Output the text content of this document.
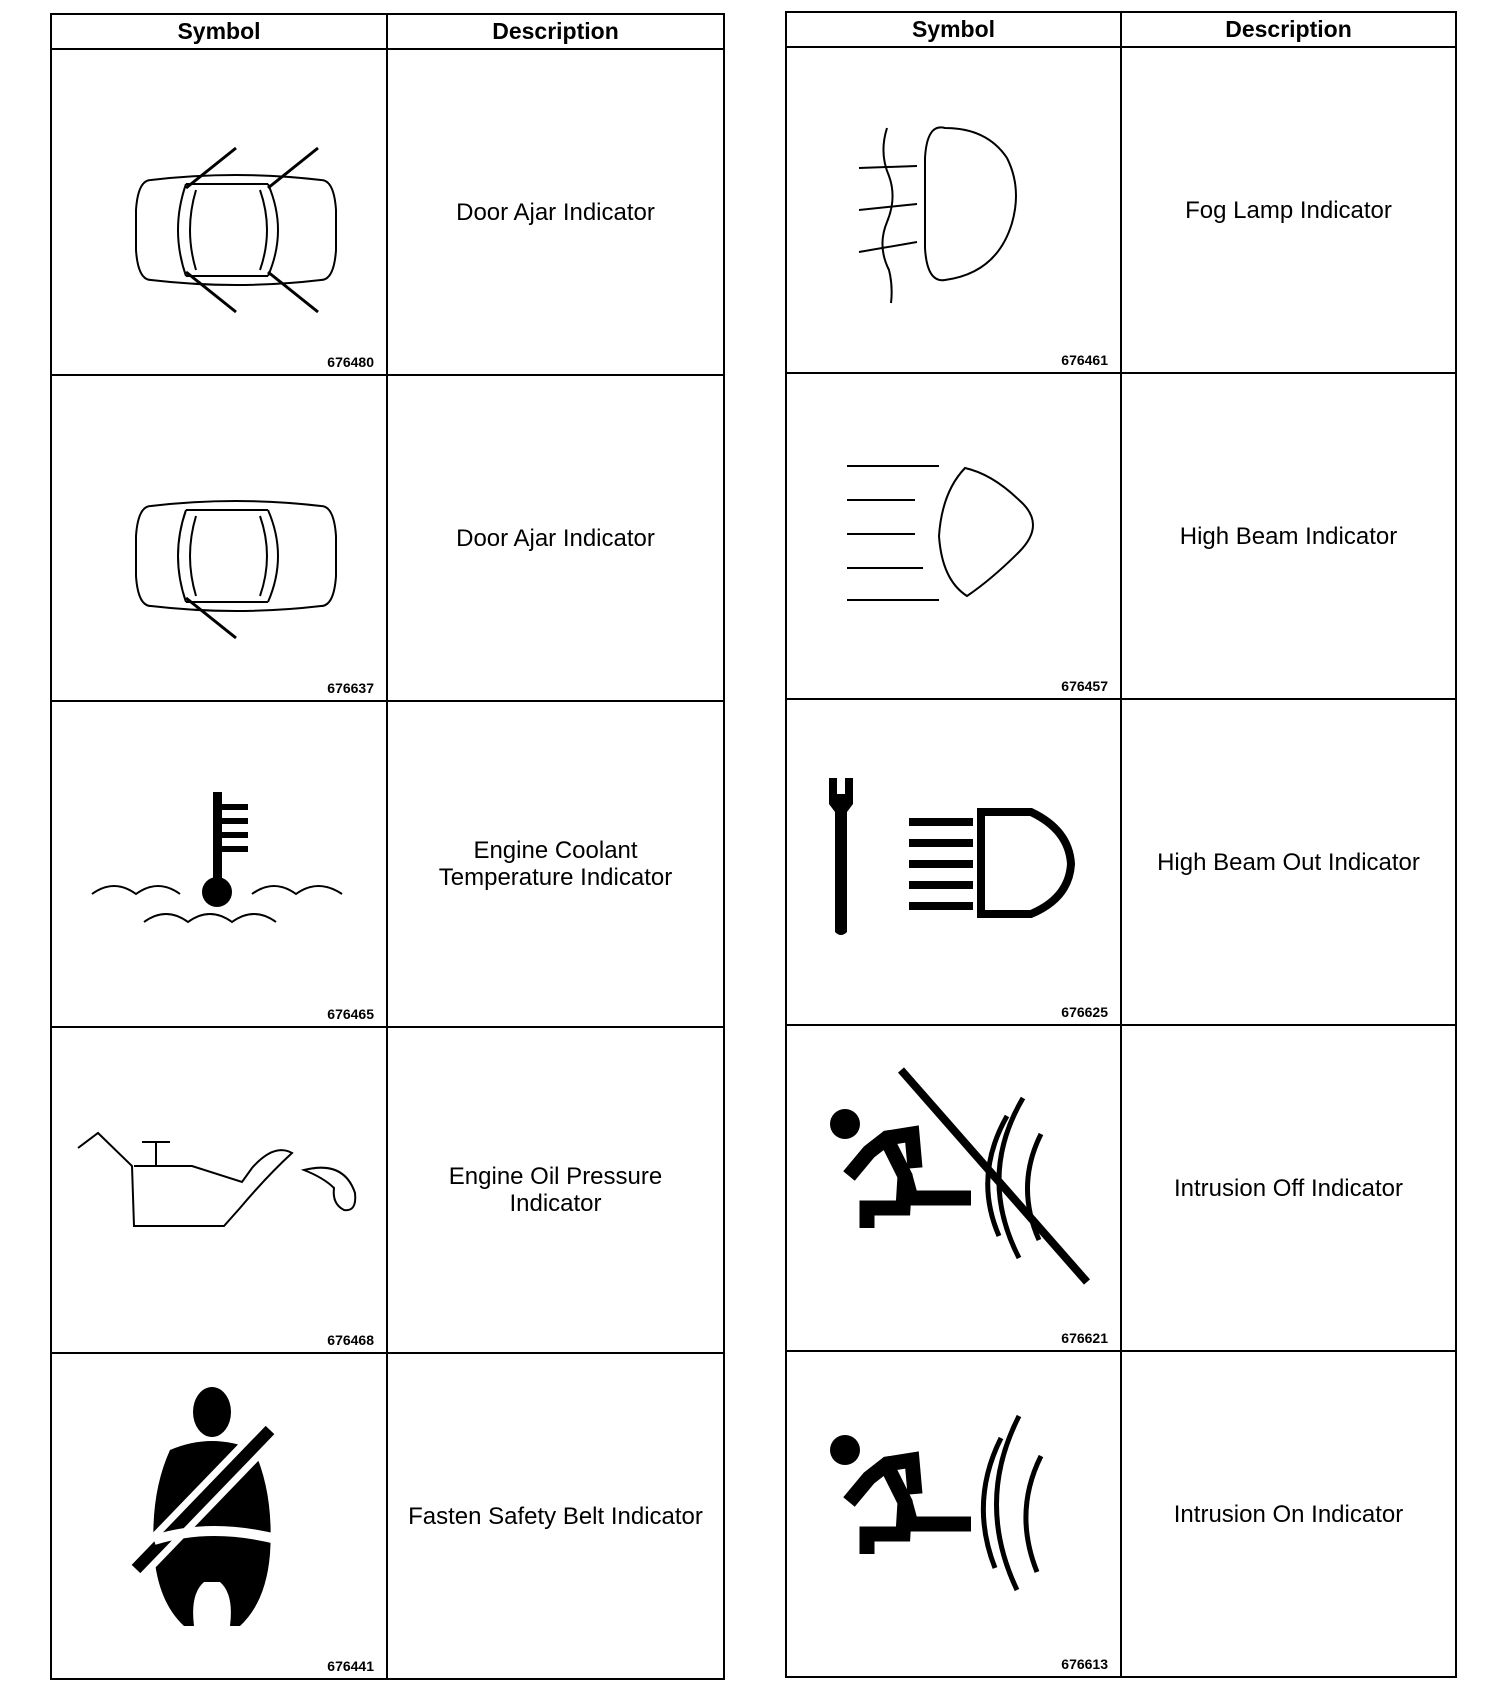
Symbol	Description

676480	Door Ajar Indicator

676637	Door Ajar Indicator

676465	Engine Coolant
Temperature Indicator

676468	Engine Oil Pressure
Indicator

676441	Fasten Safety Belt Indicator
Symbol	Description

676461	Fog Lamp Indicator

676457	High Beam Indicator

676625	High Beam Out Indicator

676621	Intrusion Off Indicator

676613	Intrusion On Indicator
